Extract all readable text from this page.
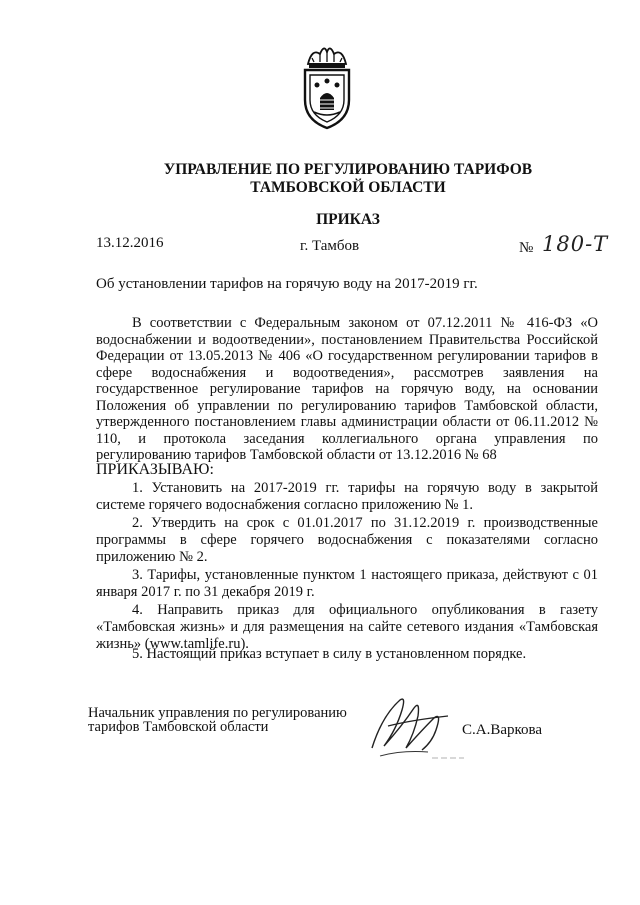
УПРАВЛЕНИЕ ПО РЕГУЛИРОВАНИЮ ТАРИФОВ
ТАМБОВСКОЙ ОБЛАСТИ
ПРИКАЗ
13.12.2016	г. Тамбов	№ 180-Т
Об установлении тарифов на горячую воду на 2017-2019 гг.
В соответствии с Федеральным законом от 07.12.2011 № 416-ФЗ «О водоснабжении и водоотведении», постановлением Правительства Российской Федерации от 13.05.2013 № 406 «О государственном регулировании тарифов в сфере водоснабжения и водоотведения», рассмотрев заявления на государственное регулирование тарифов на горячую воду, на основании Положения об управлении по регулированию тарифов Тамбовской области, утвержденного постановлением главы администрации области от 06.11.2012 № 110, и протокола заседания коллегиального органа управления по регулированию тарифов Тамбовской области от 13.12.2016 № 68
ПРИКАЗЫВАЮ:
1. Установить на 2017-2019 гг. тарифы на горячую воду в закрытой системе горячего водоснабжения согласно приложению № 1.
2. Утвердить на срок с 01.01.2017 по 31.12.2019 г. производственные программы в сфере горячего водоснабжения с показателями согласно приложению № 2.
3. Тарифы, установленные пунктом 1 настоящего приказа, действуют с 01 января 2017 г. по 31 декабря 2019 г.
4. Направить приказ для официального опубликования в газету «Тамбовская жизнь» и для размещения на сайте сетевого издания «Тамбовская жизнь» (www.tamlife.ru).
5. Настоящий приказ вступает в силу в установленном порядке.
Начальник управления по регулированию
тарифов Тамбовской области	С.А.Варкова
